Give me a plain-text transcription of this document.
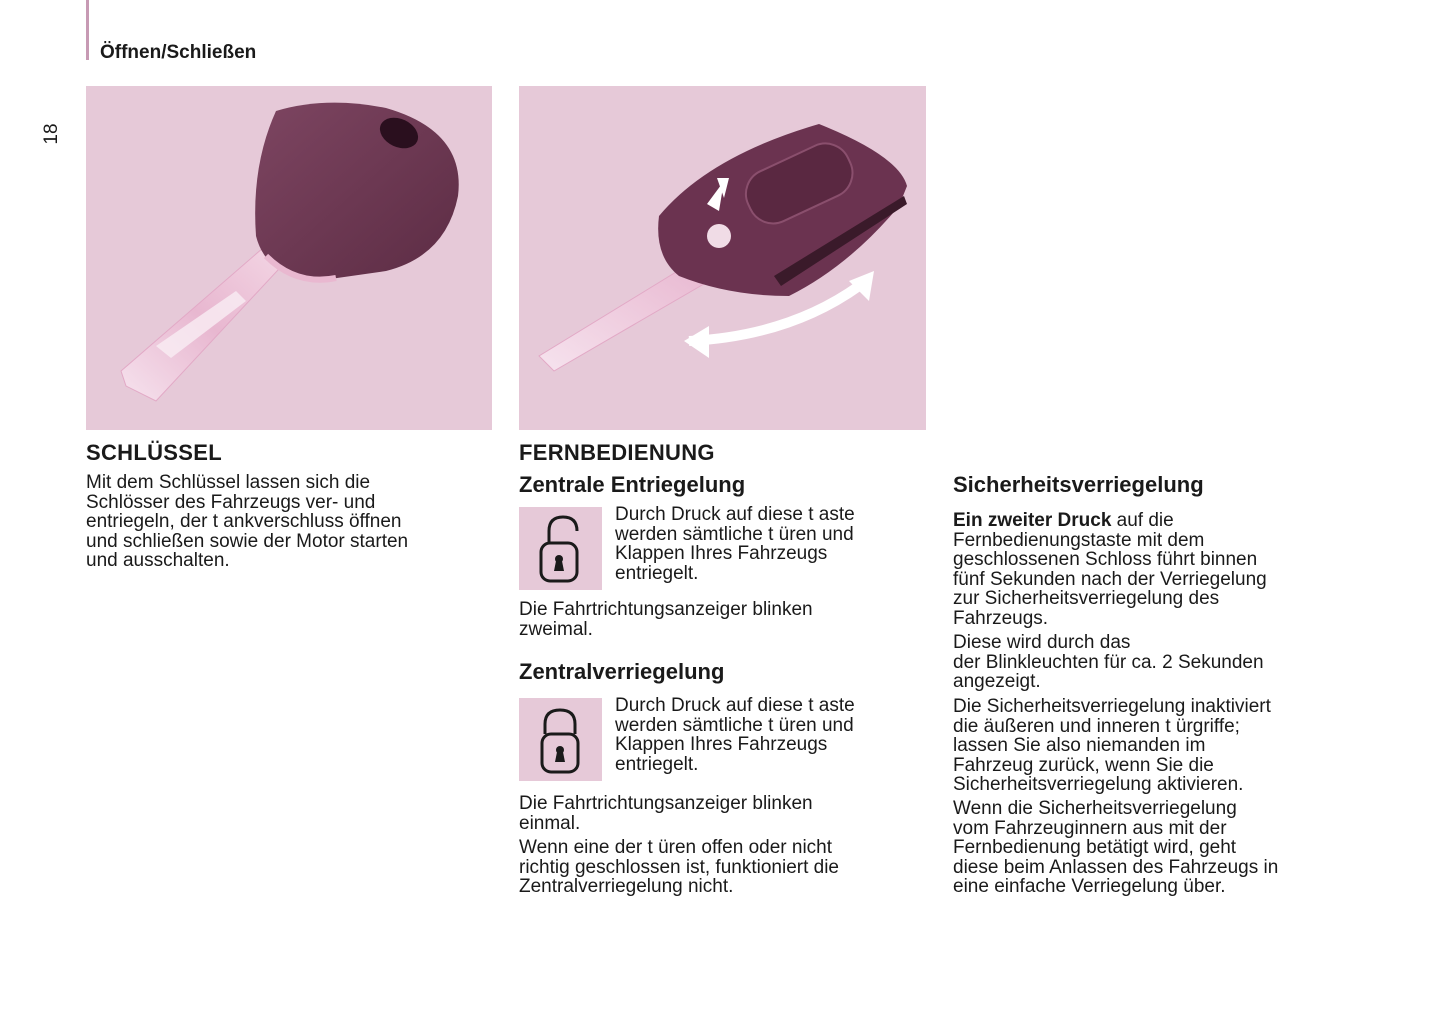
Öffnen/Schließen
18
SCHLÜSSEL
Mit dem Schlüssel lassen sich die
Schlösser des Fahrzeugs ver- und
entriegeln, der t ankverschluss öffnen
und schließen sowie der Motor starten
und ausschalten.
FERNBEDIENUNG
Zentrale Entriegelung
Durch Druck auf diese t aste
werden sämtliche t üren und
Klappen Ihres Fahrzeugs
entriegelt.
Die Fahrtrichtungsanzeiger blinken
zweimal.
Zentralverriegelung
Durch Druck auf diese t aste
werden sämtliche t üren und
Klappen Ihres Fahrzeugs
entriegelt.
Die Fahrtrichtungsanzeiger blinken
einmal.
Wenn eine der t üren offen oder nicht
richtig geschlossen ist, funktioniert die
Zentralverriegelung nicht.
Sicherheitsverriegelung
Ein zweiter Druck auf die
Fernbedienungstaste mit dem
geschlossenen Schloss führt binnen
fünf Sekunden nach der Verriegelung
zur Sicherheitsverriegelung des
Fahrzeugs.
Diese wird durch das
der Blinkleuchten für ca. 2 Sekunden
angezeigt.
Die Sicherheitsverriegelung inaktiviert
die äußeren und inneren t ürgriffe;
lassen Sie also niemanden im
Fahrzeug zurück, wenn Sie die
Sicherheitsverriegelung aktivieren.
Wenn die Sicherheitsverriegelung
vom Fahrzeuginnern aus mit der
Fernbedienung betätigt wird, geht
diese beim Anlassen des Fahrzeugs in
eine einfache Verriegelung über.
